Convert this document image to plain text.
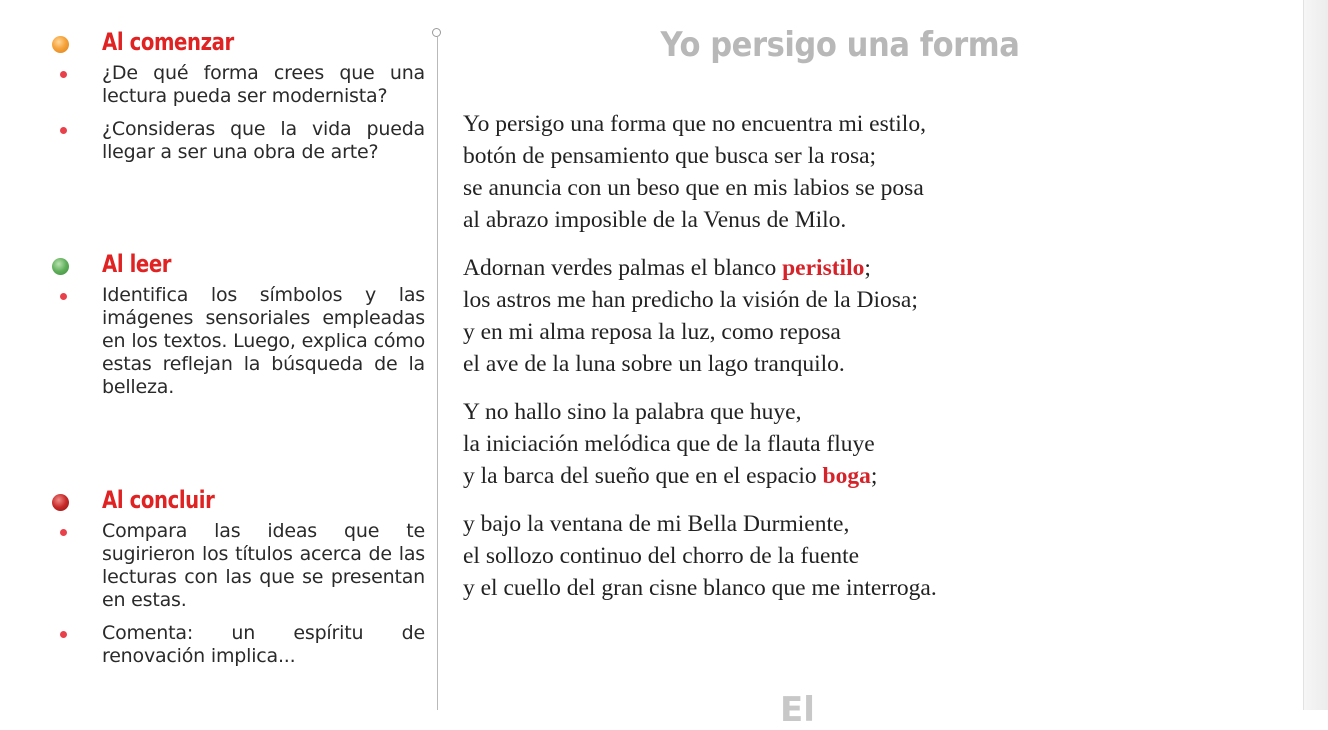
Al comenzar
¿De qué forma crees que una lectura pueda ser modernista?
¿Consideras que la vida pueda llegar a ser una obra de arte?
Al leer
Identifica los símbolos y las imágenes sensoriales empleadas en los textos. Luego, explica cómo estas reflejan la búsqueda de la belleza.
Al concluir
Compara las ideas que te sugirieron los títulos acerca de las lecturas con las que se presentan en estas.
Comenta: un espíritu de renovación implica...
Yo persigo una forma
Yo persigo una forma que no encuentra mi estilo,
botón de pensamiento que busca ser la rosa;
se anuncia con un beso que en mis labios se posa
al abrazo imposible de la Venus de Milo.
Adornan verdes palmas el blanco peristilo;
los astros me han predicho la visión de la Diosa;
y en mi alma reposa la luz, como reposa
el ave de la luna sobre un lago tranquilo.
Y no hallo sino la palabra que huye,
la iniciación melódica que de la flauta fluye
y la barca del sueño que en el espacio boga;
y bajo la ventana de mi Bella Durmiente,
el sollozo continuo del chorro de la fuente
y el cuello del gran cisne blanco que me interroga.
El
